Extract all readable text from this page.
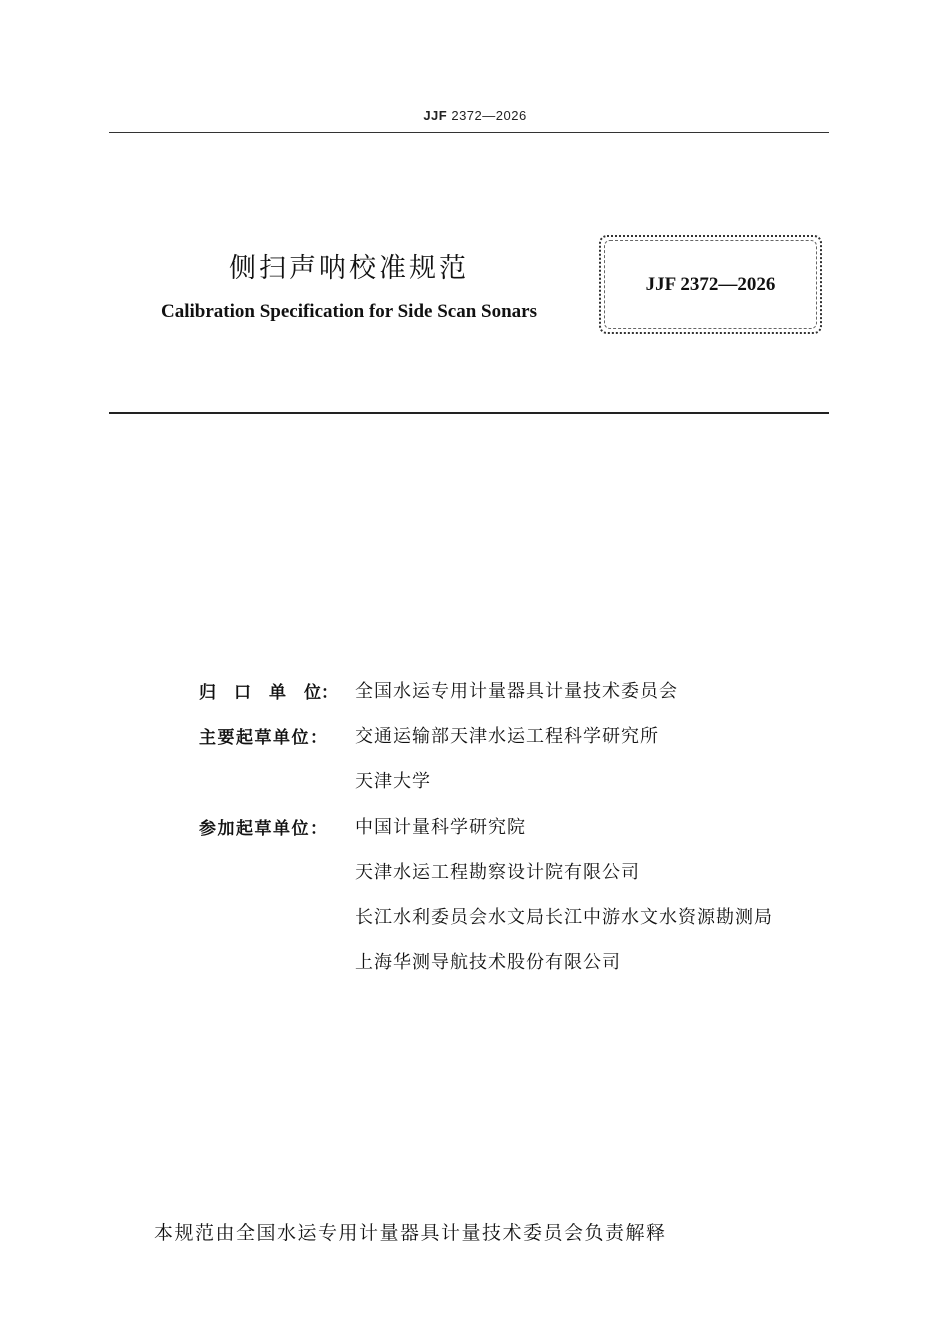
JJF 2372—2026
侧扫声呐校准规范
Calibration Specification for Side Scan Sonars
JJF 2372—2026
归 口 单 位： 全国水运专用计量器具计量技术委员会
主要起草单位：	交通运输部天津水运工程科学研究所
天津大学
参加起草单位：	中国计量科学研究院
天津水运工程勘察设计院有限公司
长江水利委员会水文局长江中游水文水资源勘测局
上海华测导航技术股份有限公司
本规范由全国水运专用计量器具计量技术委员会负责解释
